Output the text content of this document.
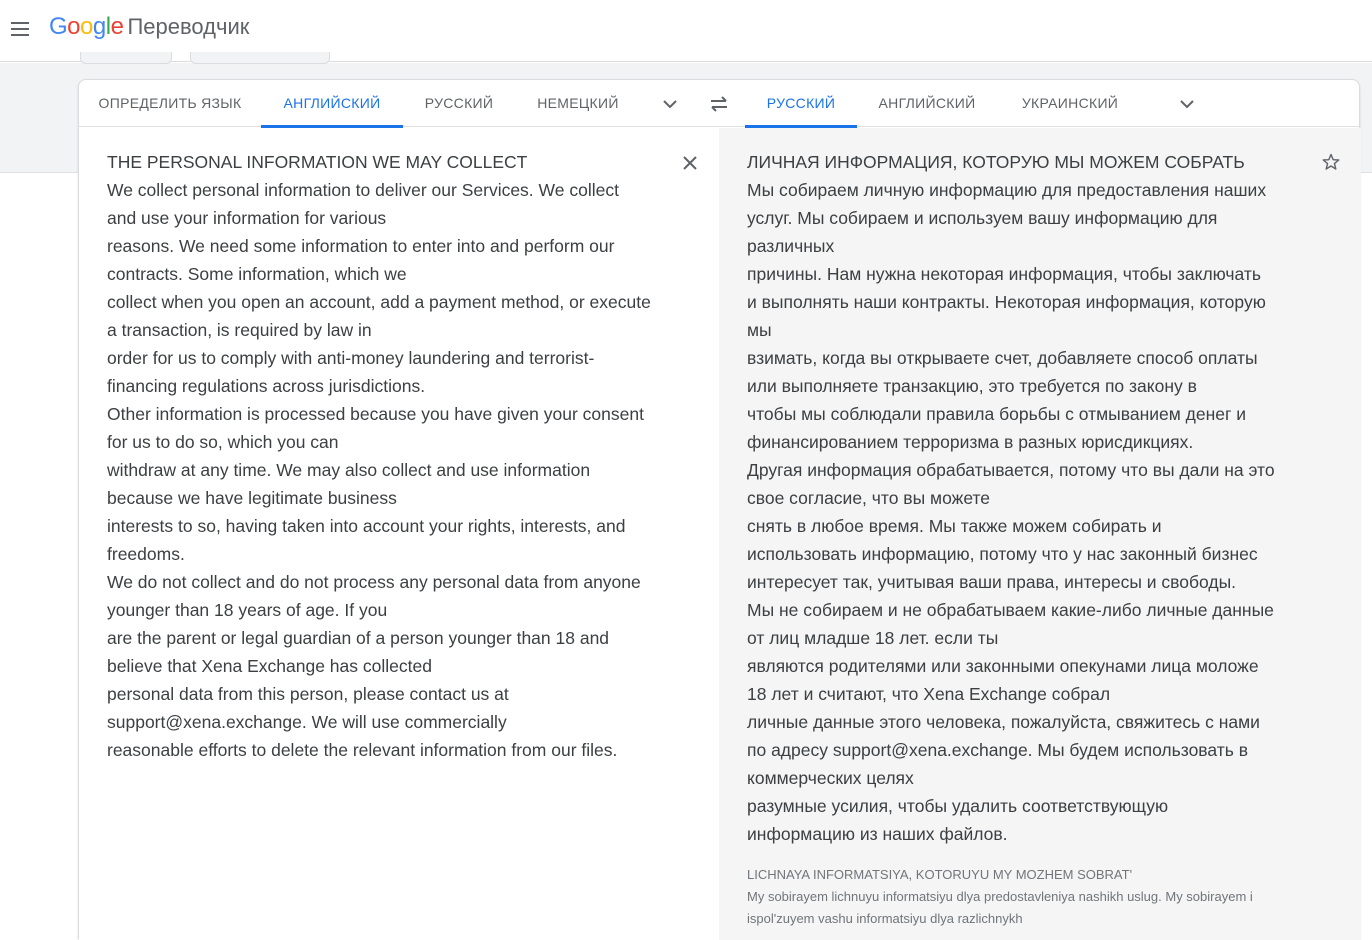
Google Переводчик
ОПРЕДЕЛИТЬ ЯЗЫК	АНГЛИЙСКИЙ	РУССКИЙ	НЕМЕЦКИЙ	РУССКИЙ	АНГЛИЙСКИЙ	УКРАИНСКИЙ
THE PERSONAL INFORMATION WE MAY COLLECT
We collect personal information to deliver our Services. We collect
and use your information for various
reasons. We need some information to enter into and perform our
contracts. Some information, which we
collect when you open an account, add a payment method, or execute
a transaction, is required by law in
order for us to comply with anti-money laundering and terrorist-
financing regulations across jurisdictions.
Other information is processed because you have given your consent
for us to do so, which you can
withdraw at any time. We may also collect and use information
because we have legitimate business
interests to so, having taken into account your rights, interests, and
freedoms.
We do not collect and do not process any personal data from anyone
younger than 18 years of age. If you
are the parent or legal guardian of a person younger than 18 and
believe that Xena Exchange has collected
personal data from this person, please contact us at
support@xena.exchange. We will use commercially
reasonable efforts to delete the relevant information from our files.
ЛИЧНАЯ ИНФОРМАЦИЯ, КОТОРУЮ МЫ МОЖЕМ СОБРАТЬ
Мы собираем личную информацию для предоставления наших
услуг. Мы собираем и используем вашу информацию для
различных
причины. Нам нужна некоторая информация, чтобы заключать
и выполнять наши контракты. Некоторая информация, которую
мы
взимать, когда вы открываете счет, добавляете способ оплаты
или выполняете транзакцию, это требуется по закону в
чтобы мы соблюдали правила борьбы с отмыванием денег и
финансированием терроризма в разных юрисдикциях.
Другая информация обрабатывается, потому что вы дали на это
свое согласие, что вы можете
снять в любое время. Мы также можем собирать и
использовать информацию, потому что у нас законный бизнес
интересует так, учитывая ваши права, интересы и свободы.
Мы не собираем и не обрабатываем какие-либо личные данные
от лиц младше 18 лет. если ты
являются родителями или законными опекунами лица моложе
18 лет и считают, что Xena Exchange собрал
личные данные этого человека, пожалуйста, свяжитесь с нами
по адресу support@xena.exchange. Мы будем использовать в
коммерческих целях
разумные усилия, чтобы удалить соответствующую
информацию из наших файлов.
LICHNAYA INFORMATSIYA, KOTORUYU MY MOZHEM SOBRAT'
My sobirayem lichnuyu informatsiyu dlya predostavleniya nashikh uslug. My sobirayem i
ispol'zuyem vashu informatsiyu dlya razlichnykh
